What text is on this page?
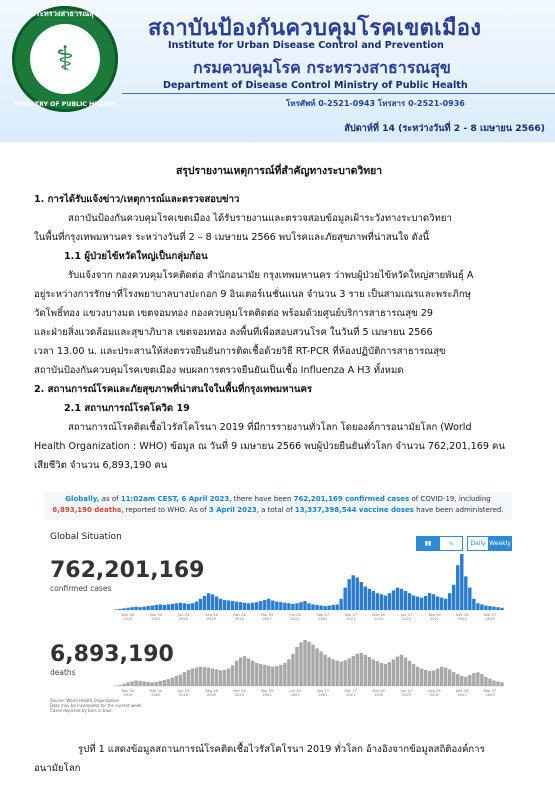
กระทรวงสาธารณสุข
⚕
MINISTRY OF PUBLIC HEALTH
สถาบันป้องกันควบคุมโรคเขตเมือง
Institute for Urban Disease Control and Prevention
กรมควบคุมโรค กระทรวงสาธารณสุข
Department of Disease Control Ministry of Public Health
โทรศัพท์ 0-2521-0943 โทรสาร 0-2521-0936
สัปดาห์ที่ 14 (ระหว่างวันที่ 2 - 8 เมษายน 2566)
สรุปรายงานเหตุการณ์ที่สำคัญทางระบาดวิทยา
1. การได้รับแจ้งข่าว/เหตุการณ์และตรวจสอบข่าว
สถาบันป้องกันควบคุมโรคเขตเมือง ได้รับรายงานและตรวจสอบข้อมูลเฝ้าระวังทางระบาดวิทยา
ในพื้นที่กรุงเทพมหานคร ระหว่างวันที่ 2 – 8 เมษายน 2566 พบโรคและภัยสุขภาพที่น่าสนใจ ดังนี้
1.1 ผู้ป่วยไข้หวัดใหญ่เป็นกลุ่มก้อน
รับแจ้งจาก กองควบคุมโรคติดต่อ สำนักอนามัย กรุงเทพมหานคร ว่าพบผู้ป่วยไข้หวัดใหญ่สายพันธุ์ A
อยู่ระหว่างการรักษาที่โรงพยาบาลบางปะกอก 9 อินเตอร์เนชั่นแนล จำนวน 3 ราย เป็นสามเณรและพระภิกษุ
วัดโพธิ์ทอง แขวงบางมด เขตจอมทอง กองควบคุมโรคติดต่อ พร้อมด้วยศูนย์บริการสาธารณสุข 29
และฝ่ายสิ่งแวดล้อมและสุขาภิบาล เขตจอมทอง ลงพื้นที่เพื่อสอบสวนโรค ในวันที่ 5 เมษายน 2566
เวลา 13.00 น. และประสานให้ส่งตรวจยืนยันการติดเชื้อด้วยวิธี RT-PCR ที่ห้องปฏิบัติการสาธารณสุข
สถาบันป้องกันควบคุมโรคเขตเมือง พบผลการตรวจยืนยันเป็นเชื้อ Influenza A H3 ทั้งหมด
2. สถานการณ์โรคและภัยสุขภาพที่น่าสนใจในพื้นที่กรุงเทพมหานคร
2.1 สถานการณ์โรคโควิด 19
สถานการณ์โรคติดเชื้อไวรัสโคโรนา 2019 ที่มีการรายงานทั่วโลก โดยองค์การอนามัยโลก (World
Health Organization : WHO) ข้อมูล ณ วันที่ 9 เมษายน 2566 พบผู้ป่วยยืนยันทั่วโลก จำนวน 762,201,169 คน
เสียชีวิต จำนวน 6,893,190 คน
Globally, as of 11:02am CEST, 6 April 2023, there have been 762,201,169 confirmed cases of COVID-19, including
6,893,190 deaths, reported to WHO. As of 3 April 2023, a total of 13,337,398,544 vaccine doses have been administered.
Global Situation
▮▮	∿	Daily Weekly
762,201,169
confirmed cases
6,893,190
deaths
Dec 30
2019
Mar 30
2020
Jun 29
2020
Sep 28
2020
Dec 28
2020
Mar 29
2021
Jun 28
2021
Sep 27
2021
Dec 27
2021
Mar 28
2022
Jun 27
2022
Sep 26
2022
Dec 26
2022
Mar 27
2023
Dec 30
2019
Mar 30
2020
Jun 29
2020
Sep 28
2020
Dec 28
2020
Mar 29
2021
Jun 28
2021
Sep 27
2021
Dec 27
2021
Mar 28
2022
Jun 27
2022
Sep 26
2022
Dec 26
2022
Mar 27
2023
Source: World Health Organization
Data may be incomplete for the current week.
Cases depicted by bars in blue
รูปที่ 1 แสดงข้อมูลสถานการณ์โรคติดเชื้อไวรัสโคโรนา 2019 ทั่วโลก อ้างอิงจากข้อมูลสถิติองค์การ
อนามัยโลก
